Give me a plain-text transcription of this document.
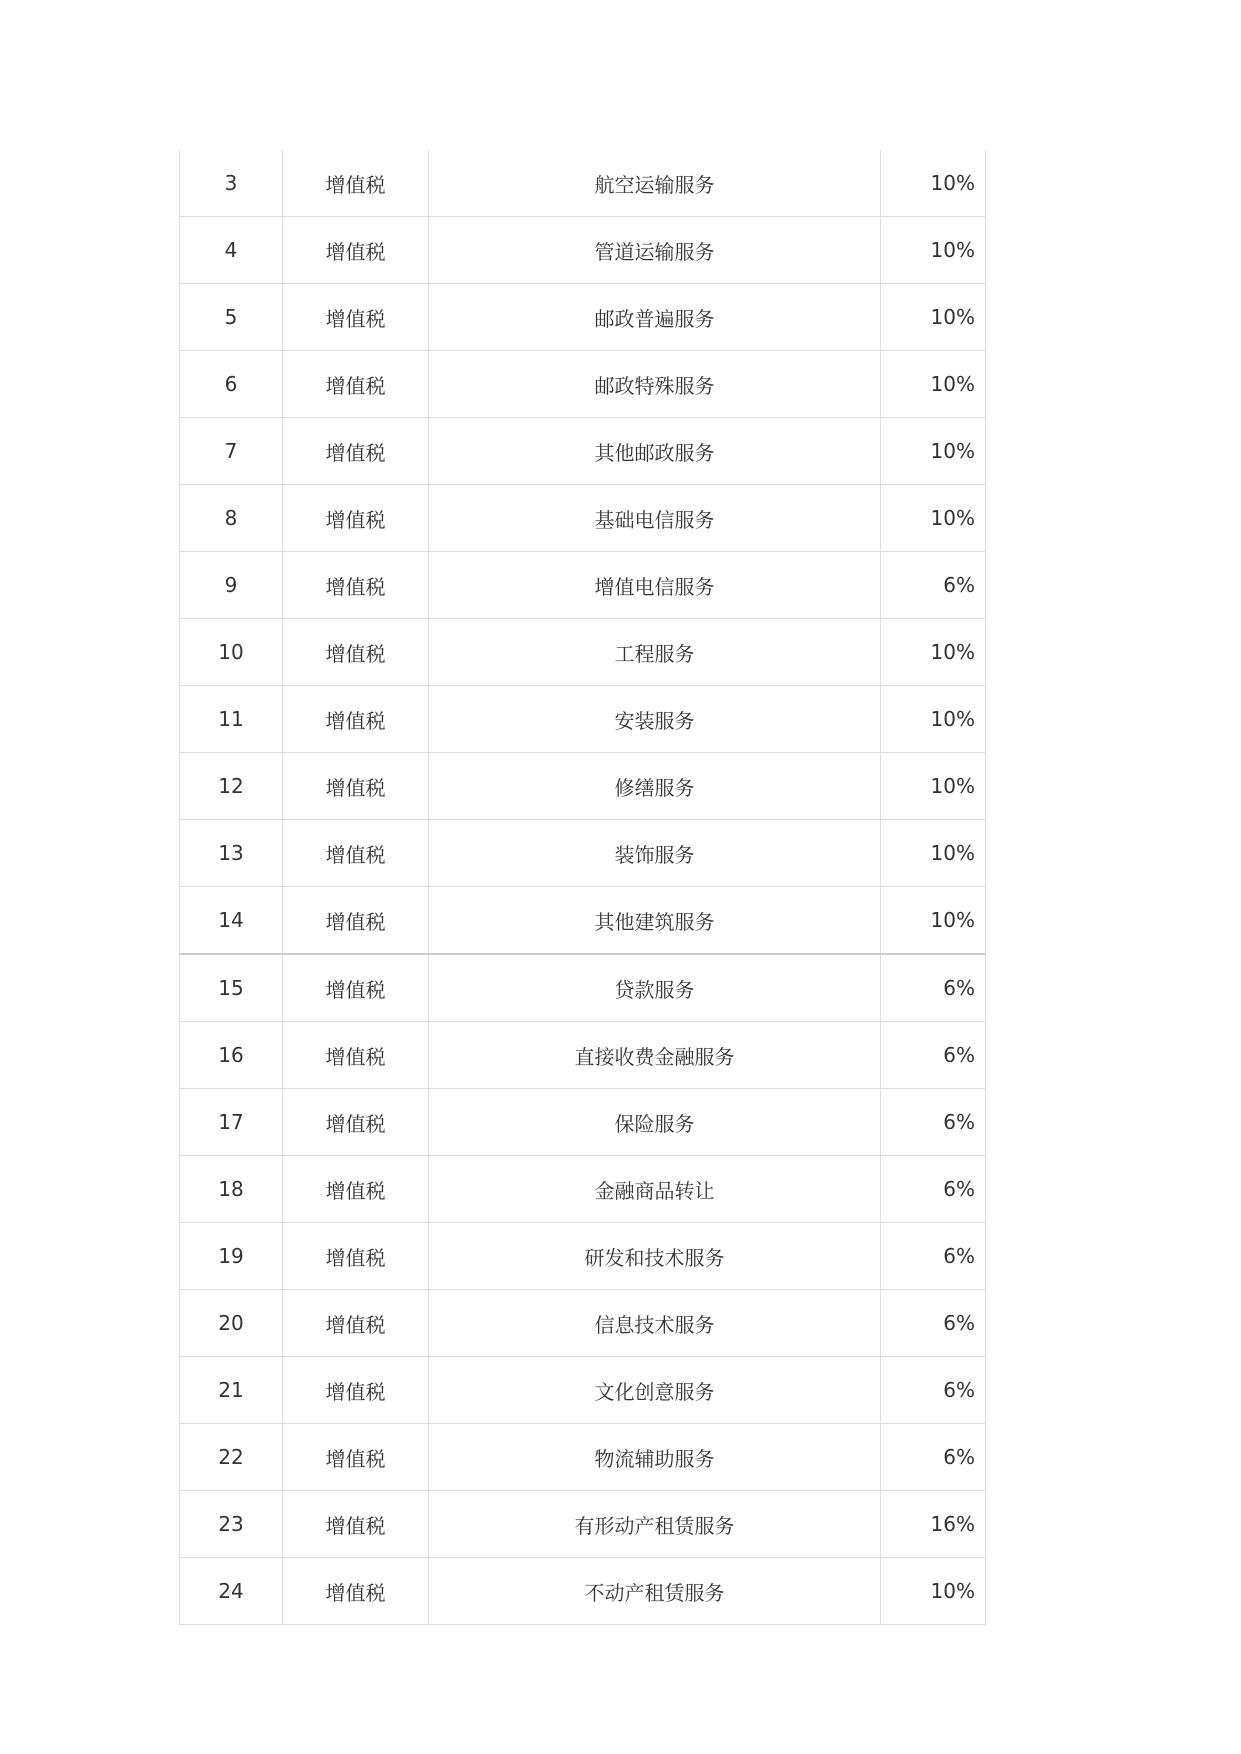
3	增值税	航空运输服务	10%
4	增值税	管道运输服务	10%
5	增值税	邮政普遍服务	10%
6	增值税	邮政特殊服务	10%
7	增值税	其他邮政服务	10%
8	增值税	基础电信服务	10%
9	增值税	增值电信服务	6%
10	增值税	工程服务	10%
11	增值税	安装服务	10%
12	增值税	修缮服务	10%
13	增值税	装饰服务	10%
14	增值税	其他建筑服务	10%
15	增值税	贷款服务	6%
16	增值税	直接收费金融服务	6%
17	增值税	保险服务	6%
18	增值税	金融商品转让	6%
19	增值税	研发和技术服务	6%
20	增值税	信息技术服务	6%
21	增值税	文化创意服务	6%
22	增值税	物流辅助服务	6%
23	增值税	有形动产租赁服务	16%
24	增值税	不动产租赁服务	10%
